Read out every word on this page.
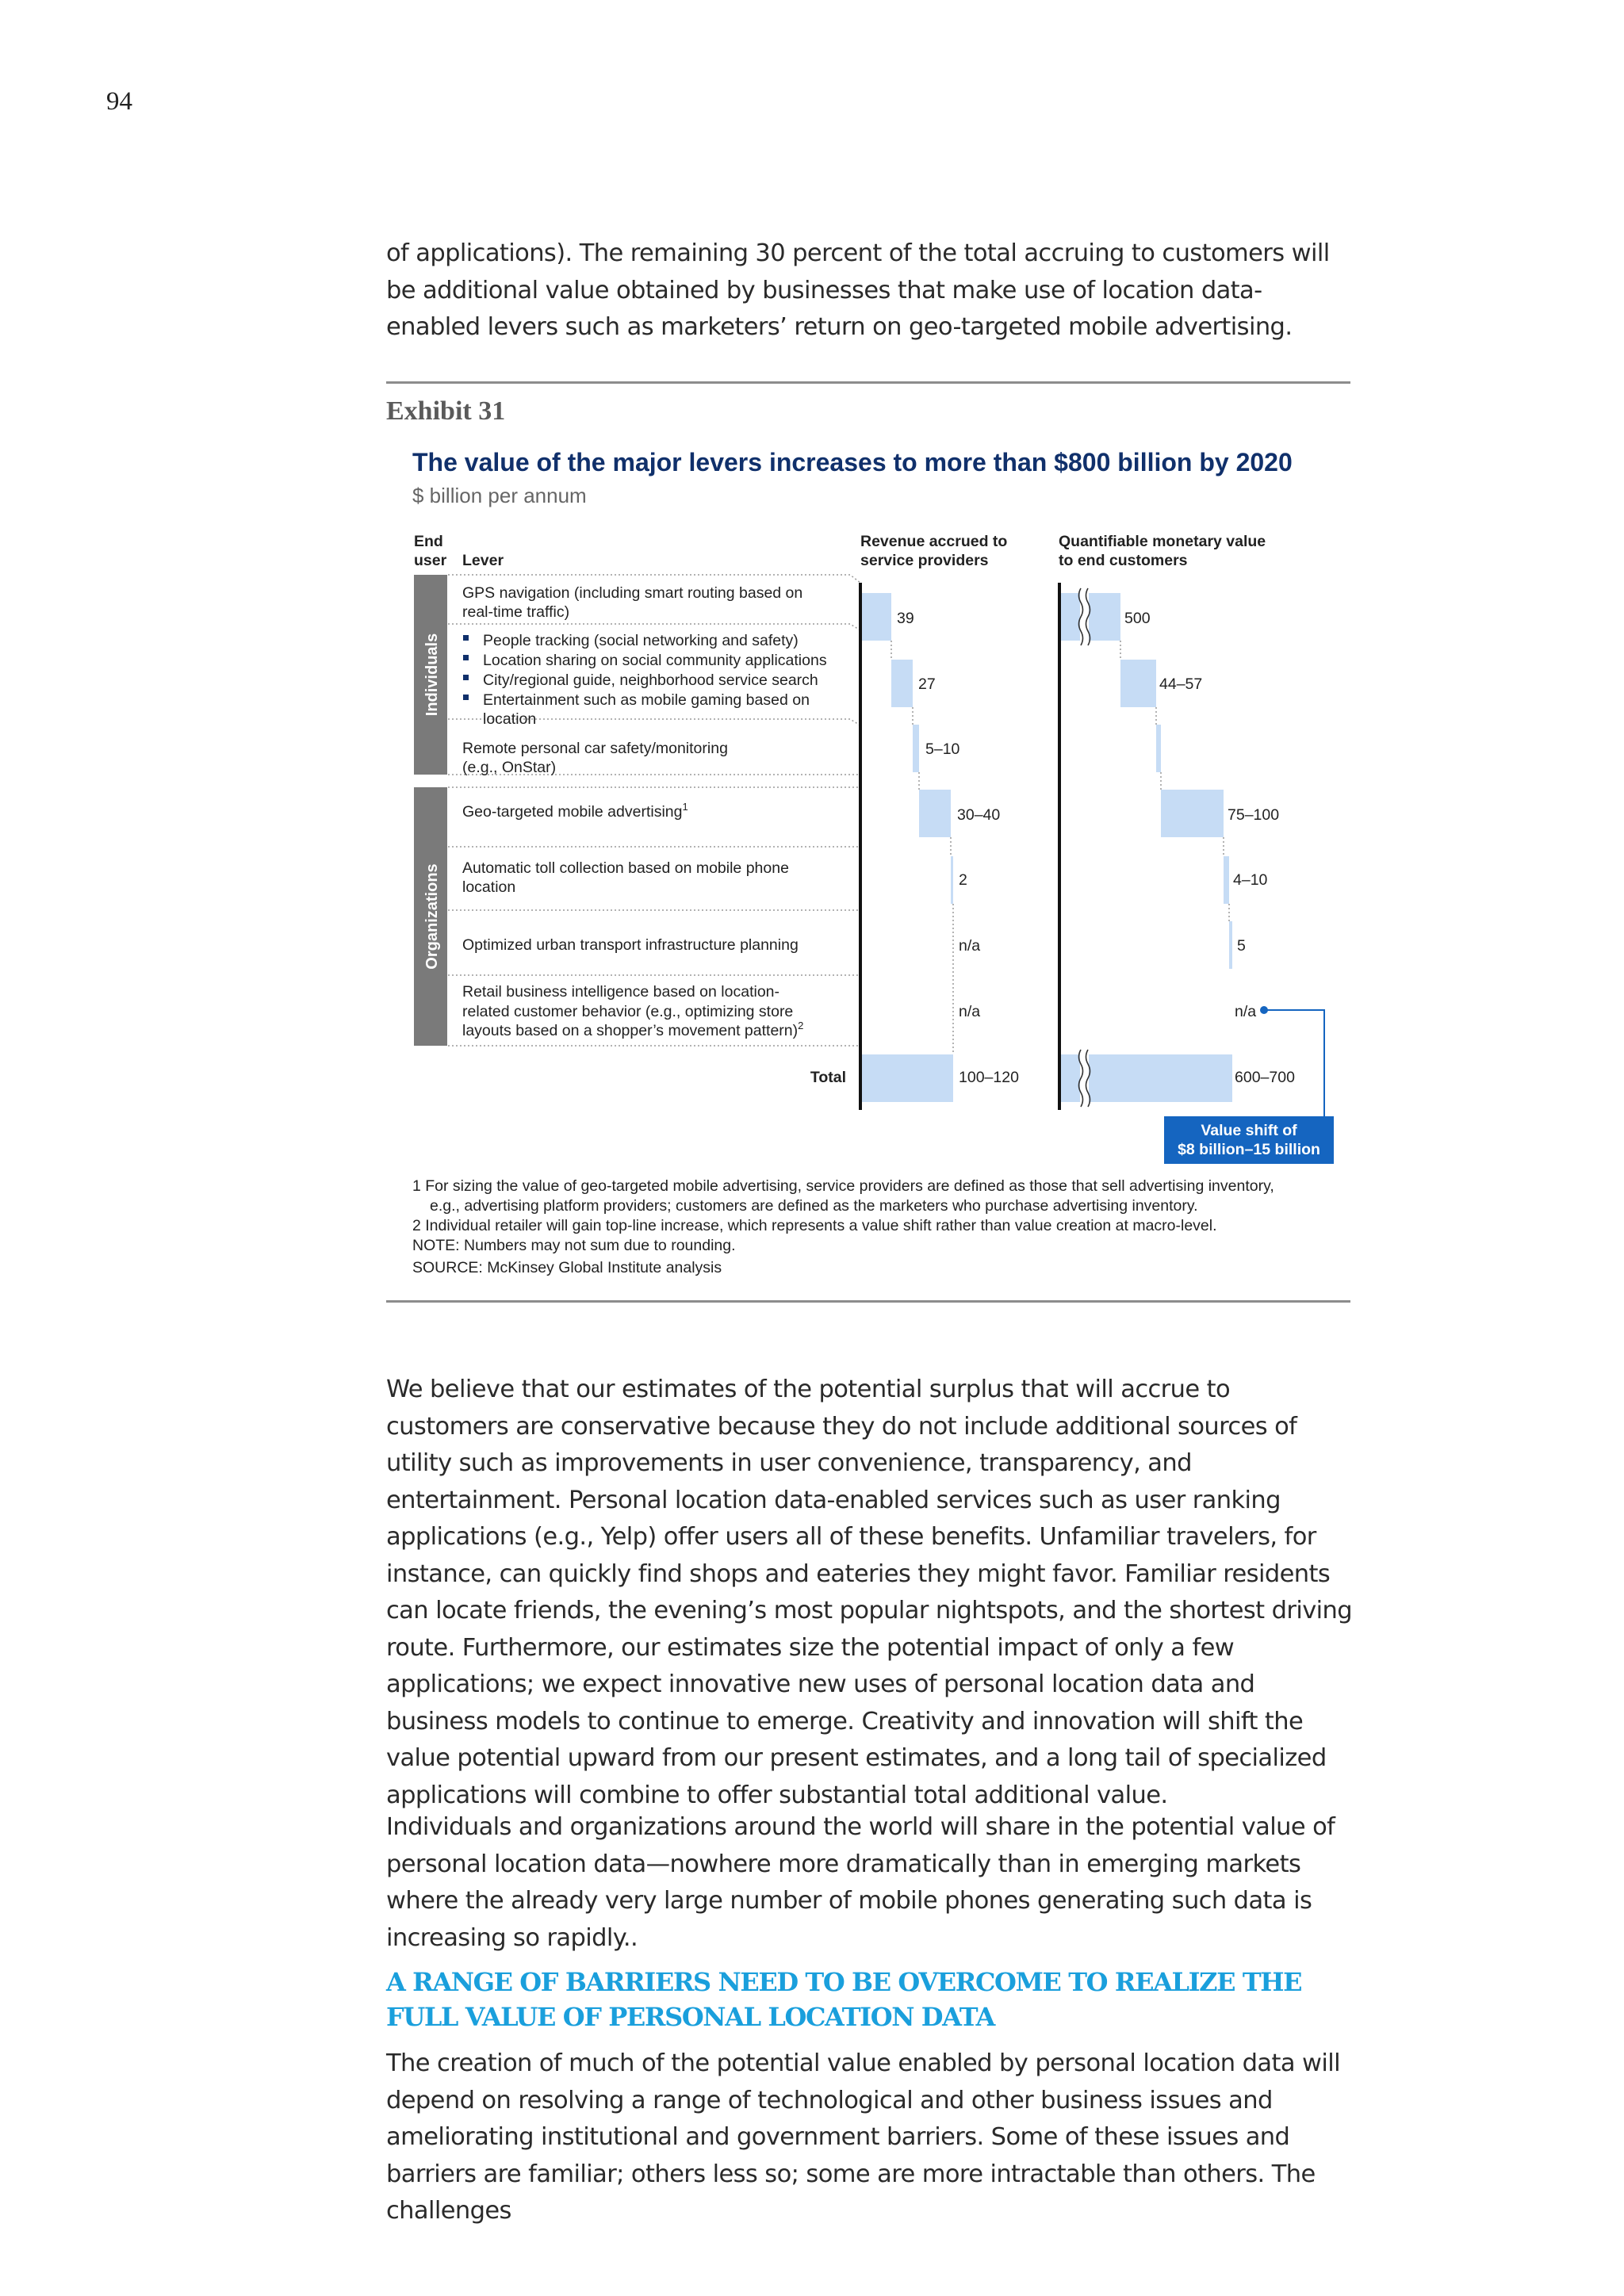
94

of applications). The remaining 30 percent of the total accruing to customers will be additional value obtained by businesses that make use of location data-enabled levers such as marketers’ return on geo-targeted mobile advertising.

Exhibit 31
The value of the major levers increases to more than $800 billion by 2020
$ billion per annum
End
user Lever
Revenue accrued to
service providers
Quantifiable monetary value
to end customers
Individuals
Organizations
GPS navigation (including smart routing based on
real-time traffic)
People tracking (social networking and safety)
Location sharing on social community applications
City/regional guide, neighborhood service search
Entertainment such as mobile gaming based on
location
Remote personal car safety/monitoring
(e.g., OnStar)
Geo-targeted mobile advertising$^1$
Automatic toll collection based on mobile phone
location
Optimized urban transport infrastructure planning
Retail business intelligence based on location-
related customer behavior (e.g., optimizing store
layouts based on a shopper’s movement pattern)$^2$
Total
39
27
5–10
30–40
2
n/a
n/a
100–120
500
44–57
75–100
4–10
5
n/a
600–700
Value shift of
$8 billion–15 billion
1 For sizing the value of geo-targeted mobile advertising, service providers are defined as those that sell advertising inventory,
e.g., advertising platform providers; customers are defined as the marketers who purchase advertising inventory.
2 Individual retailer will gain top-line increase, which represents a value shift rather than value creation at macro-level.
NOTE: Numbers may not sum due to rounding.
SOURCE: McKinsey Global Institute analysis

We believe that our estimates of the potential surplus that will accrue to customers are conservative because they do not include additional sources of utility such as improvements in user convenience, transparency, and entertainment. Personal location data-enabled services such as user ranking applications (e.g., Yelp) offer users all of these benefits. Unfamiliar travelers, for instance, can quickly find shops and eateries they might favor. Familiar residents can locate friends, the evening’s most popular nightspots, and the shortest driving route. Furthermore, our estimates size the potential impact of only a few applications; we expect innovative new uses of personal location data and business models to continue to emerge. Creativity and innovation will shift the value potential upward from our present estimates, and a long tail of specialized applications will combine to offer substantial total additional value.

Individuals and organizations around the world will share in the potential value of personal location data—nowhere more dramatically than in emerging markets where the already very large number of mobile phones generating such data is increasing so rapidly..

A RANGE OF BARRIERS NEED TO BE OVERCOME TO REALIZE THE FULL VALUE OF PERSONAL LOCATION DATA

The creation of much of the potential value enabled by personal location data will depend on resolving a range of technological and other business issues and ameliorating institutional and government barriers. Some of these issues and barriers are familiar; others less so; some are more intractable than others. The challenges
